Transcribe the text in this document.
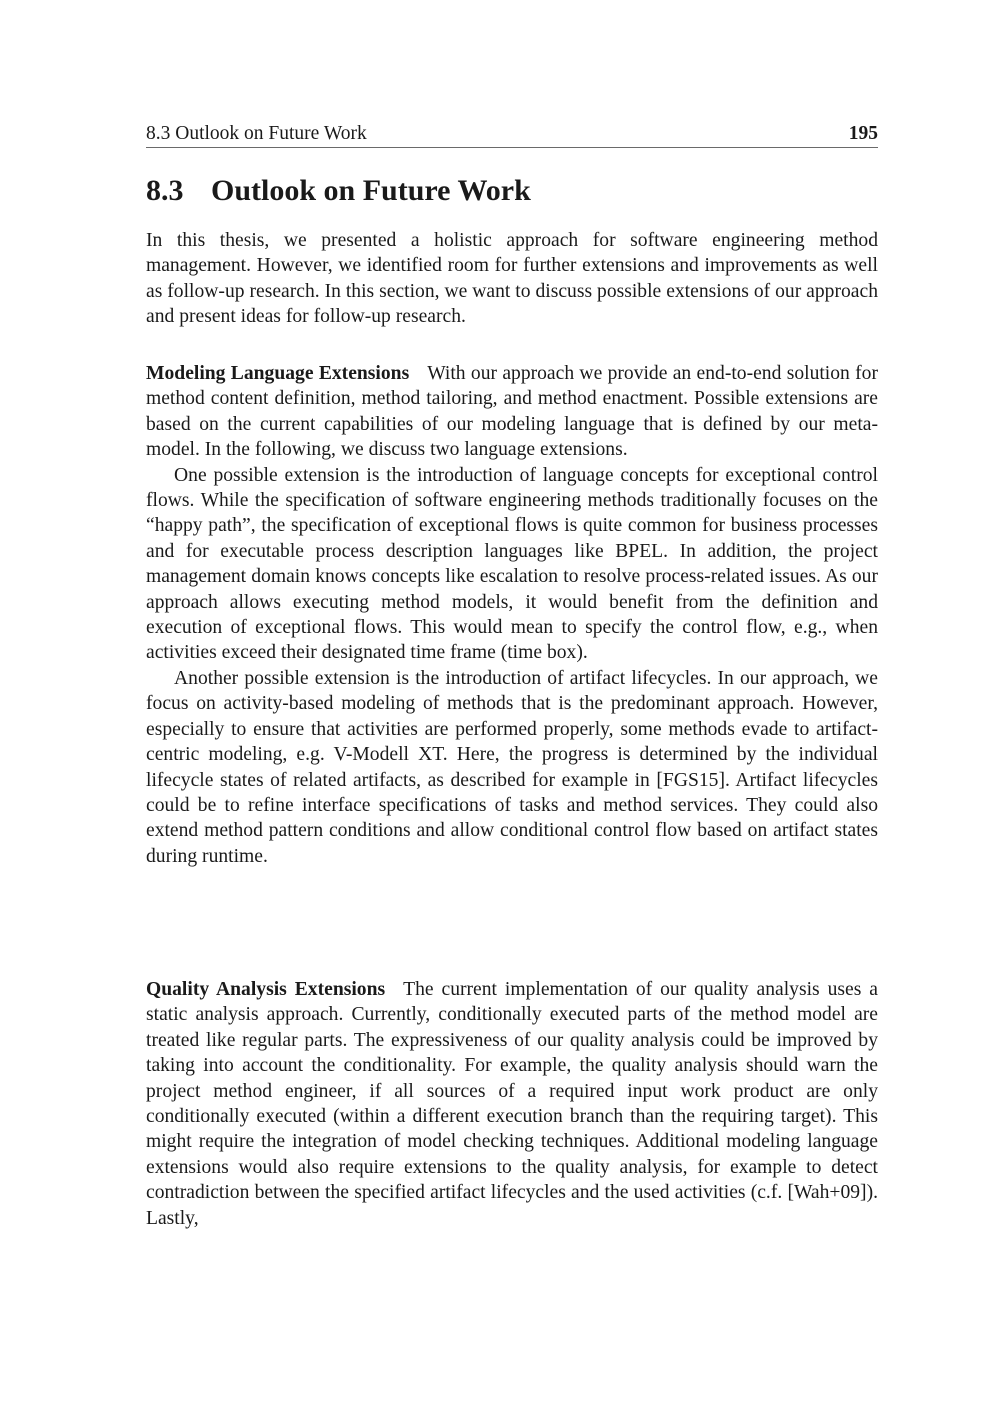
8.3 Outlook on Future Work	195
8.3 Outlook on Future Work

In this thesis, we presented a holistic approach for software engineering method management. However, we identified room for further extensions and improvements as well as follow-up research. In this section, we want to discuss possible extensions of our approach and present ideas for follow-up research.

Modeling Language Extensions With our approach we provide an end-to-end solution for method content definition, method tailoring, and method enactment. Possible extensions are based on the current capabilities of our modeling language that is defined by our meta-model. In the following, we discuss two language extensions.

One possible extension is the introduction of language concepts for exceptional control flows. While the specification of software engineering methods traditionally focuses on the “happy path”, the specification of exceptional flows is quite common for business processes and for executable process description languages like BPEL. In addition, the project management domain knows concepts like escalation to resolve process-related issues. As our approach allows executing method models, it would benefit from the definition and execution of exceptional flows. This would mean to specify the control flow, e.g., when activities exceed their designated time frame (time box).

Another possible extension is the introduction of artifact lifecycles. In our approach, we focus on activity-based modeling of methods that is the predominant approach. However, especially to ensure that activities are performed properly, some methods evade to artifact-centric modeling, e.g. V-Modell XT. Here, the progress is determined by the individual lifecycle states of related artifacts, as described for example in [FGS15]. Artifact lifecycles could be to refine interface specifications of tasks and method services. They could also extend method pattern conditions and allow conditional control flow based on artifact states during runtime.

Quality Analysis Extensions The current implementation of our quality analysis uses a static analysis approach. Currently, conditionally executed parts of the method model are treated like regular parts. The expressiveness of our quality analysis could be improved by taking into account the conditionality. For example, the quality analysis should warn the project method engineer, if all sources of a required input work product are only conditionally executed (within a different execution branch than the requiring target). This might require the integration of model checking techniques. Additional modeling language extensions would also require extensions to the quality analysis, for example to detect contradiction between the specified artifact lifecycles and the used activities (c.f. [Wah+09]). Lastly,
